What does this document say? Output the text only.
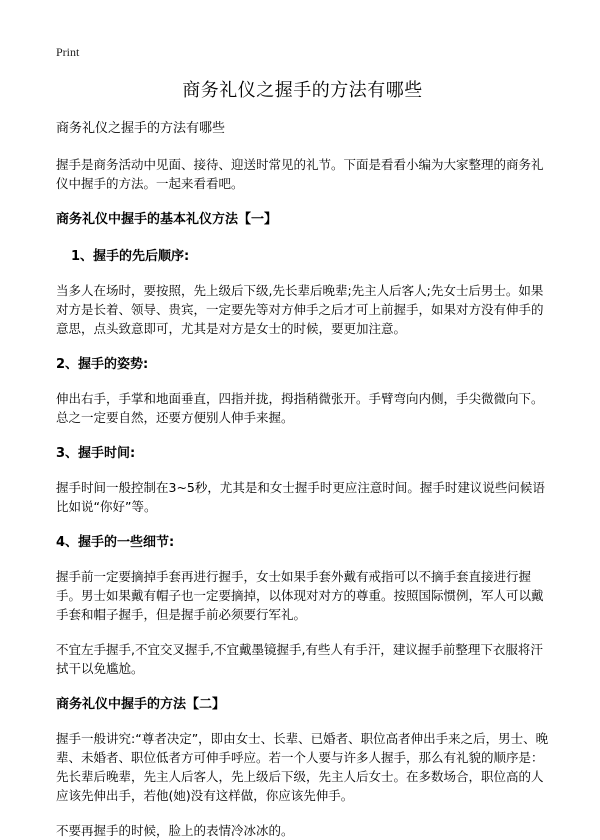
Print
商务礼仪之握手的方法有哪些
商务礼仪之握手的方法有哪些

握手是商务活动中见面、接待、迎送时常见的礼节。下面是看看小编为大家整理的商务礼仪中握手的方法。一起来看看吧。

商务礼仪中握手的基本礼仪方法【一】

1、握手的先后顺序:

当多人在场时，要按照，先上级后下级,先长辈后晚辈;先主人后客人;先女士后男士。如果对方是长着、领导、贵宾，一定要先等对方伸手之后才可上前握手，如果对方没有伸手的意思，点头致意即可，尤其是对方是女士的时候，要更加注意。

2、握手的姿势:

伸出右手，手掌和地面垂直，四指并拢，拇指稍微张开。手臂弯向内侧，手尖微微向下。总之一定要自然，还要方便别人伸手来握。

3、握手时间:

握手时间一般控制在3~5秒，尤其是和女士握手时更应注意时间。握手时建议说些问候语比如说“你好”等。

4、握手的一些细节:

握手前一定要摘掉手套再进行握手，女士如果手套外戴有戒指可以不摘手套直接进行握手。男士如果戴有帽子也一定要摘掉，以体现对对方的尊重。按照国际惯例，军人可以戴手套和帽子握手，但是握手前必须要行军礼。

不宜左手握手,不宜交叉握手,不宜戴墨镜握手,有些人有手汗，建议握手前整理下衣服将汗拭干以免尴尬。

商务礼仪中握手的方法【二】

握手一般讲究:“尊者决定”，即由女士、长辈、已婚者、职位高者伸出手来之后，男士、晚辈、未婚者、职位低者方可伸手呼应。若一个人要与许多人握手，那么有礼貌的顺序是：先长辈后晚辈，先主人后客人，先上级后下级，先主人后女士。在多数场合，职位高的人应该先伸出手，若他(她)没有这样做，你应该先伸手。

不要再握手的时候，脸上的表情冷冰冰的。
